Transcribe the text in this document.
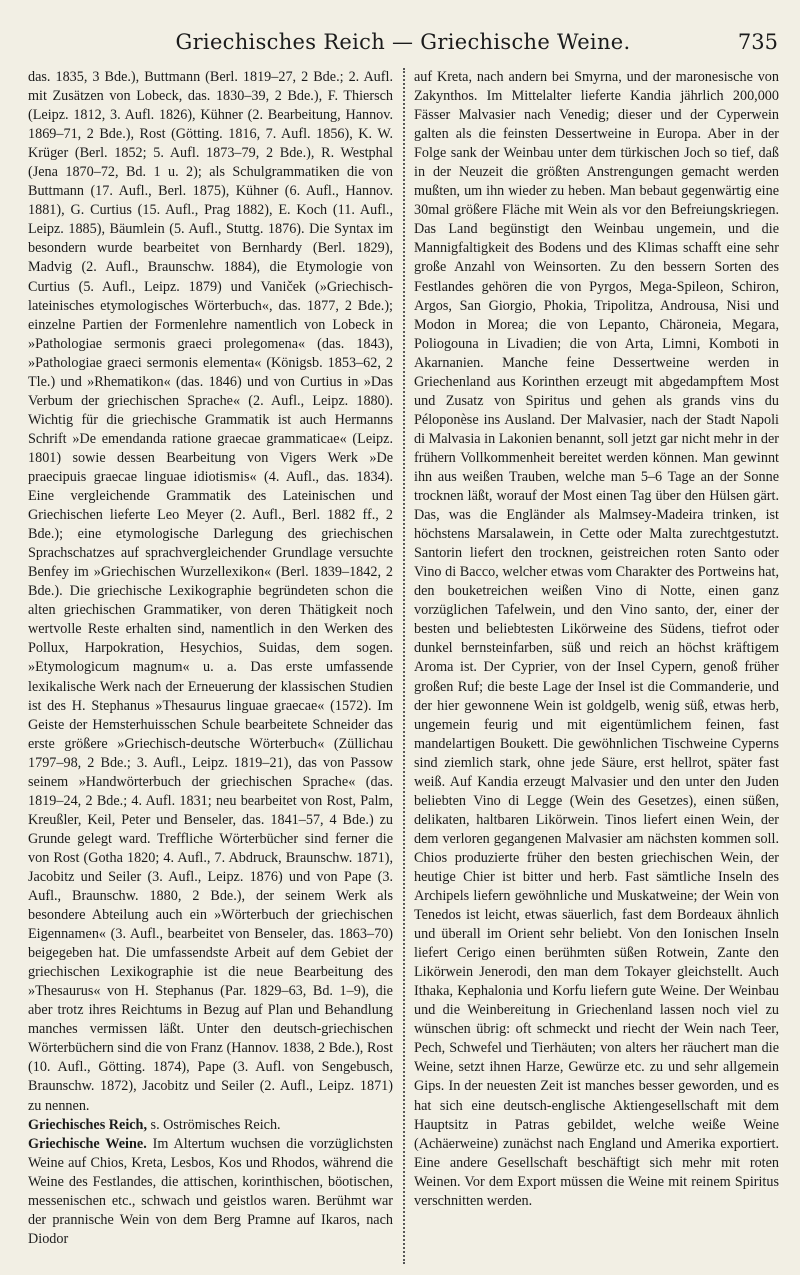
Griechisches Reich — Griechische Weine.	735

das. 1835, 3 Bde.), Buttmann (Berl. 1819–27, 2 Bde.; 2. Aufl. mit Zusätzen von Lobeck, das. 1830–39, 2 Bde.), F. Thiersch (Leipz. 1812, 3. Aufl. 1826), Kühner (2. Bearbeitung, Hannov. 1869–71, 2 Bde.), Rost (Götting. 1816, 7. Aufl. 1856), K. W. Krüger (Berl. 1852; 5. Aufl. 1873–79, 2 Bde.), R. Westphal (Jena 1870–72, Bd. 1 u. 2); als Schulgrammatiken die von Buttmann (17. Aufl., Berl. 1875), Kühner (6. Aufl., Hannov. 1881), G. Curtius (15. Aufl., Prag 1882), E. Koch (11. Aufl., Leipz. 1885), Bäumlein (5. Aufl., Stuttg. 1876). Die Syntax im besondern wurde bearbeitet von Bernhardy (Berl. 1829), Madvig (2. Aufl., Braunschw. 1884), die Etymologie von Curtius (5. Aufl., Leipz. 1879) und Vaniček (»Griechisch-lateinisches etymologisches Wörterbuch«, das. 1877, 2 Bde.); einzelne Partien der Formenlehre namentlich von Lobeck in »Pathologiae sermonis graeci prolegomena« (das. 1843), »Pathologiae graeci sermonis elementa« (Königsb. 1853–62, 2 Tle.) und »Rhematikon« (das. 1846) und von Curtius in »Das Verbum der griechischen Sprache« (2. Aufl., Leipz. 1880). Wichtig für die griechische Grammatik ist auch Hermanns Schrift »De emendanda ratione graecae grammaticae« (Leipz. 1801) sowie dessen Bearbeitung von Vigers Werk »De praecipuis graecae linguae idiotismis« (4. Aufl., das. 1834). Eine vergleichende Grammatik des Lateinischen und Griechischen lieferte Leo Meyer (2. Aufl., Berl. 1882 ff., 2 Bde.); eine etymologische Darlegung des griechischen Sprachschatzes auf sprachvergleichender Grundlage versuchte Benfey im »Griechischen Wurzellexikon« (Berl. 1839–1842, 2 Bde.). Die griechische Lexikographie begründeten schon die alten griechischen Grammatiker, von deren Thätigkeit noch wertvolle Reste erhalten sind, namentlich in den Werken des Pollux, Harpokration, Hesychios, Suidas, dem sogen. »Etymologicum magnum« u. a. Das erste umfassende lexikalische Werk nach der Erneuerung der klassischen Studien ist des H. Stephanus »Thesaurus linguae graecae« (1572). Im Geiste der Hemsterhuisschen Schule bearbeitete Schneider das erste größere »Griechisch-deutsche Wörterbuch« (Züllichau 1797–98, 2 Bde.; 3. Aufl., Leipz. 1819–21), das von Passow seinem »Handwörterbuch der griechischen Sprache« (das. 1819–24, 2 Bde.; 4. Aufl. 1831; neu bearbeitet von Rost, Palm, Kreußler, Keil, Peter und Benseler, das. 1841–57, 4 Bde.) zu Grunde gelegt ward. Treffliche Wörterbücher sind ferner die von Rost (Gotha 1820; 4. Aufl., 7. Abdruck, Braunschw. 1871), Jacobitz und Seiler (3. Aufl., Leipz. 1876) und von Pape (3. Aufl., Braunschw. 1880, 2 Bde.), der seinem Werk als besondere Abteilung auch ein »Wörterbuch der griechischen Eigennamen« (3. Aufl., bearbeitet von Benseler, das. 1863–70) beigegeben hat. Die umfassendste Arbeit auf dem Gebiet der griechischen Lexikographie ist die neue Bearbeitung des »Thesaurus« von H. Stephanus (Par. 1829–63, Bd. 1–9), die aber trotz ihres Reichtums in Bezug auf Plan und Behandlung manches vermissen läßt. Unter den deutsch-griechischen Wörterbüchern sind die von Franz (Hannov. 1838, 2 Bde.), Rost (10. Aufl., Götting. 1874), Pape (3. Aufl. von Sengebusch, Braunschw. 1872), Jacobitz und Seiler (2. Aufl., Leipz. 1871) zu nennen.

Griechisches Reich, s. Oströmisches Reich.

Griechische Weine. Im Altertum wuchsen die vorzüglichsten Weine auf Chios, Kreta, Lesbos, Kos und Rhodos, während die Weine des Festlandes, die attischen, korinthischen, böotischen, messenischen etc., schwach und geistlos waren. Berühmt war der prannische Wein von dem Berg Pramne auf Ikaros, nach Diodor

auf Kreta, nach andern bei Smyrna, und der maronesische von Zakynthos. Im Mittelalter lieferte Kandia jährlich 200,000 Fässer Malvasier nach Venedig; dieser und der Cyperwein galten als die feinsten Dessertweine in Europa. Aber in der Folge sank der Weinbau unter dem türkischen Joch so tief, daß in der Neuzeit die größten Anstrengungen gemacht werden mußten, um ihn wieder zu heben. Man bebaut gegenwärtig eine 30mal größere Fläche mit Wein als vor den Befreiungskriegen. Das Land begünstigt den Weinbau ungemein, und die Mannigfaltigkeit des Bodens und des Klimas schafft eine sehr große Anzahl von Weinsorten. Zu den bessern Sorten des Festlandes gehören die von Pyrgos, Mega-Spileon, Schiron, Argos, San Giorgio, Phokia, Tripolitza, Androusa, Nisi und Modon in Morea; die von Lepanto, Chäroneia, Megara, Poliogouna in Livadien; die von Arta, Limni, Komboti in Akarnanien. Manche feine Dessertweine werden in Griechenland aus Korinthen erzeugt mit abgedampftem Most und Zusatz von Spiritus und gehen als grands vins du Péloponèse ins Ausland. Der Malvasier, nach der Stadt Napoli di Malvasia in Lakonien benannt, soll jetzt gar nicht mehr in der frühern Vollkommenheit bereitet werden können. Man gewinnt ihn aus weißen Trauben, welche man 5–6 Tage an der Sonne trocknen läßt, worauf der Most einen Tag über den Hülsen gärt. Das, was die Engländer als Malmsey-Madeira trinken, ist höchstens Marsalawein, in Cette oder Malta zurechtgestutzt. Santorin liefert den trocknen, geistreichen roten Santo oder Vino di Bacco, welcher etwas vom Charakter des Portweins hat, den bouketreichen weißen Vino di Notte, einen ganz vorzüglichen Tafelwein, und den Vino santo, der, einer der besten und beliebtesten Likörweine des Südens, tiefrot oder dunkel bernsteinfarben, süß und reich an höchst kräftigem Aroma ist. Der Cyprier, von der Insel Cypern, genoß früher großen Ruf; die beste Lage der Insel ist die Commanderie, und der hier gewonnene Wein ist goldgelb, wenig süß, etwas herb, ungemein feurig und mit eigentümlichem feinen, fast mandelartigen Boukett. Die gewöhnlichen Tischweine Cyperns sind ziemlich stark, ohne jede Säure, erst hellrot, später fast weiß. Auf Kandia erzeugt Malvasier und den unter den Juden beliebten Vino di Legge (Wein des Gesetzes), einen süßen, delikaten, haltbaren Likörwein. Tinos liefert einen Wein, der dem verloren gegangenen Malvasier am nächsten kommen soll. Chios produzierte früher den besten griechischen Wein, der heutige Chier ist bitter und herb. Fast sämtliche Inseln des Archipels liefern gewöhnliche und Muskatweine; der Wein von Tenedos ist leicht, etwas säuerlich, fast dem Bordeaux ähnlich und überall im Orient sehr beliebt. Von den Ionischen Inseln liefert Cerigo einen berühmten süßen Rotwein, Zante den Likörwein Jenerodi, den man dem Tokayer gleichstellt. Auch Ithaka, Kephalonia und Korfu liefern gute Weine. Der Weinbau und die Weinbereitung in Griechenland lassen noch viel zu wünschen übrig: oft schmeckt und riecht der Wein nach Teer, Pech, Schwefel und Tierhäuten; von alters her räuchert man die Weine, setzt ihnen Harze, Gewürze etc. zu und sehr allgemein Gips. In der neuesten Zeit ist manches besser geworden, und es hat sich eine deutsch-englische Aktiengesellschaft mit dem Hauptsitz in Patras gebildet, welche weiße Weine (Achäerweine) zunächst nach England und Amerika exportiert. Eine andere Gesellschaft beschäftigt sich mehr mit roten Weinen. Vor dem Export müssen die Weine mit reinem Spiritus verschnitten werden.
